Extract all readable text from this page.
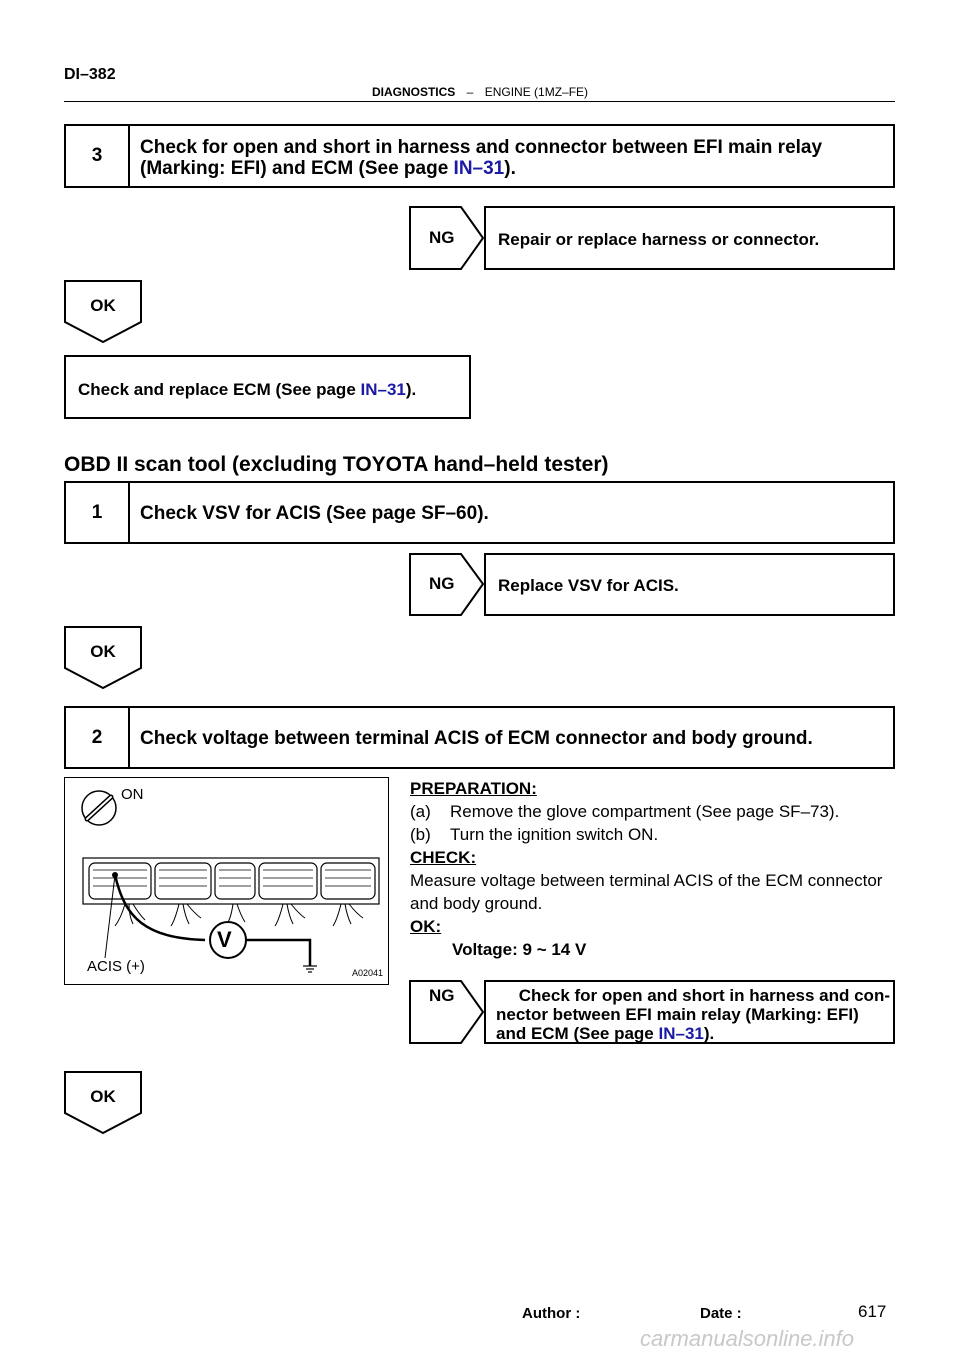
DI–382
DIAGNOSTICS – ENGINE (1MZ–FE)
3	Check for open and short in harness and connector between EFI main relay
(Marking: EFI) and ECM (See page IN–31).
NG	Repair or replace harness or connector.
OK
Check and replace ECM (See page IN–31).
OBD II scan tool (excluding TOYOTA hand–held tester)
1	Check VSV for ACIS (See page SF–60).
NG	Replace VSV for ACIS.
OK
2	Check voltage between terminal ACIS of ECM connector and body ground.
ON
V
ACIS (+)	A02041
PREPARATION:
(a) Remove the glove compartment (See page SF–73).
(b) Turn the ignition switch ON.
CHECK:
Measure voltage between terminal ACIS of the ECM connector
and body ground.
OK:
Voltage: 9 ~ 14 V
NG	Check for open and short in harness and con-
nector between EFI main relay (Marking: EFI)
and ECM (See page IN–31).
OK
Author :	Date :	617
carmanualsonline.info
